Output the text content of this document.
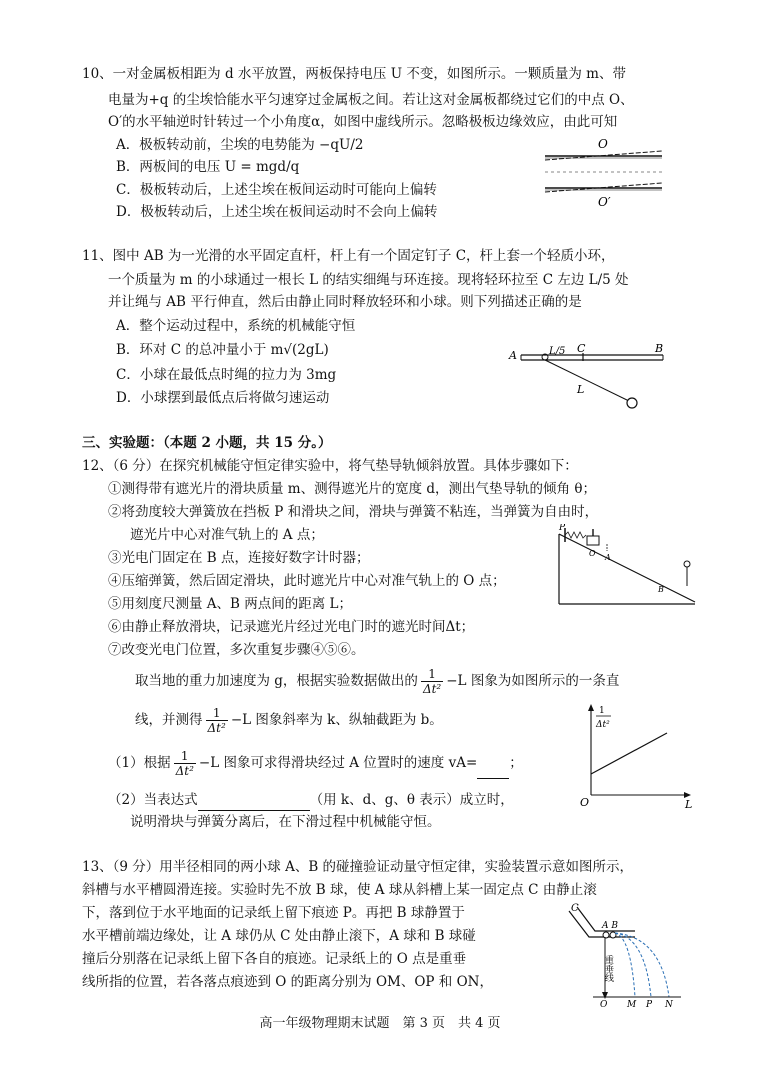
10、一对金属板相距为 d 水平放置，两板保持电压 U 不变，如图所示。一颗质量为 m、带
电量为+q 的尘埃恰能水平匀速穿过金属板之间。若让这对金属板都绕过它们的中点 O、
O′的水平轴逆时针转过一个小角度α，如图中虚线所示。忽略极板边缘效应，由此可知
A．极板转动前，尘埃的电势能为 −qU/2
B．两板间的电压 U = mgd/q
C．极板转动后，上述尘埃在板间运动时可能向上偏转
D．极板转动后，上述尘埃在板间运动时不会向上偏转
O
O′
11、图中 AB 为一光滑的水平固定直杆，杆上有一个固定钉子 C，杆上套一个轻质小环，
一个质量为 m 的小球通过一根长 L 的结实细绳与环连接。现将轻环拉至 C 左边 L/5 处
并让绳与 AB 平行伸直，然后由静止同时释放轻环和小球。则下列描述正确的是
A．整个运动过程中，系统的机械能守恒
B．环对 C 的总冲量小于 m√(2gL)
C．小球在最低点时绳的拉力为 3mg
D．小球摆到最低点后将做匀速运动
A	L/5 C	B
L
三、实验题：（本题 2 小题，共 15 分。）
12、（6 分）在探究机械能守恒定律实验中，将气垫导轨倾斜放置。具体步骤如下：
①测得带有遮光片的滑块质量 m、测得遮光片的宽度 d，测出气垫导轨的倾角 θ；
②将劲度较大弹簧放在挡板 P 和滑块之间，滑块与弹簧不粘连，当弹簧为自由时，
遮光片中心对准气轨上的 A 点；
③光电门固定在 B 点，连接好数字计时器；
④压缩弹簧，然后固定滑块，此时遮光片中心对准气轨上的 O 点；
⑤用刻度尺测量 A、B 两点间的距离 L；
⑥由静止释放滑块，记录遮光片经过光电门时的遮光时间Δt；
⑦改变光电门位置，多次重复步骤④⑤⑥。
P
O A
B
取当地的重力加速度为 g，根据实验数据做出的 $\frac{1}{\text{Δt²}} -L$ 图象为如图所示的一条直
线，并测得 $\frac{1}{\text{Δt²}} -L$ 图象斜率为 k、纵轴截距为 b。
（1）根据 $\frac{1}{\text{Δt²}} -L$ 图象可求得滑块经过 A 位置时的速度 vA= ；
（2）当表达式	（用 k、d、g、θ 表示）成立时，
说明滑块与弹簧分离后，在下滑过程中机械能守恒。
1
Δt²
O	L
13、（9 分）用半径相同的两小球 A、B 的碰撞验证动量守恒定律，实验装置示意如图所示，
斜槽与水平槽圆滑连接。实验时先不放 B 球，使 A 球从斜槽上某一固定点 C 由静止滚
下，落到位于水平地面的记录纸上留下痕迹 P。再把 B 球静置于
水平槽前端边缘处，让 A 球仍从 C 处由静止滚下，A 球和 B 球碰
撞后分别落在记录纸上留下各自的痕迹。记录纸上的 O 点是重垂
线所指的位置，若各落点痕迹到 O 的距离分别为 OM、OP 和 ON，
C
A B
重垂线
O M P N
高一年级物理期末试题　第 3 页　共 4 页
